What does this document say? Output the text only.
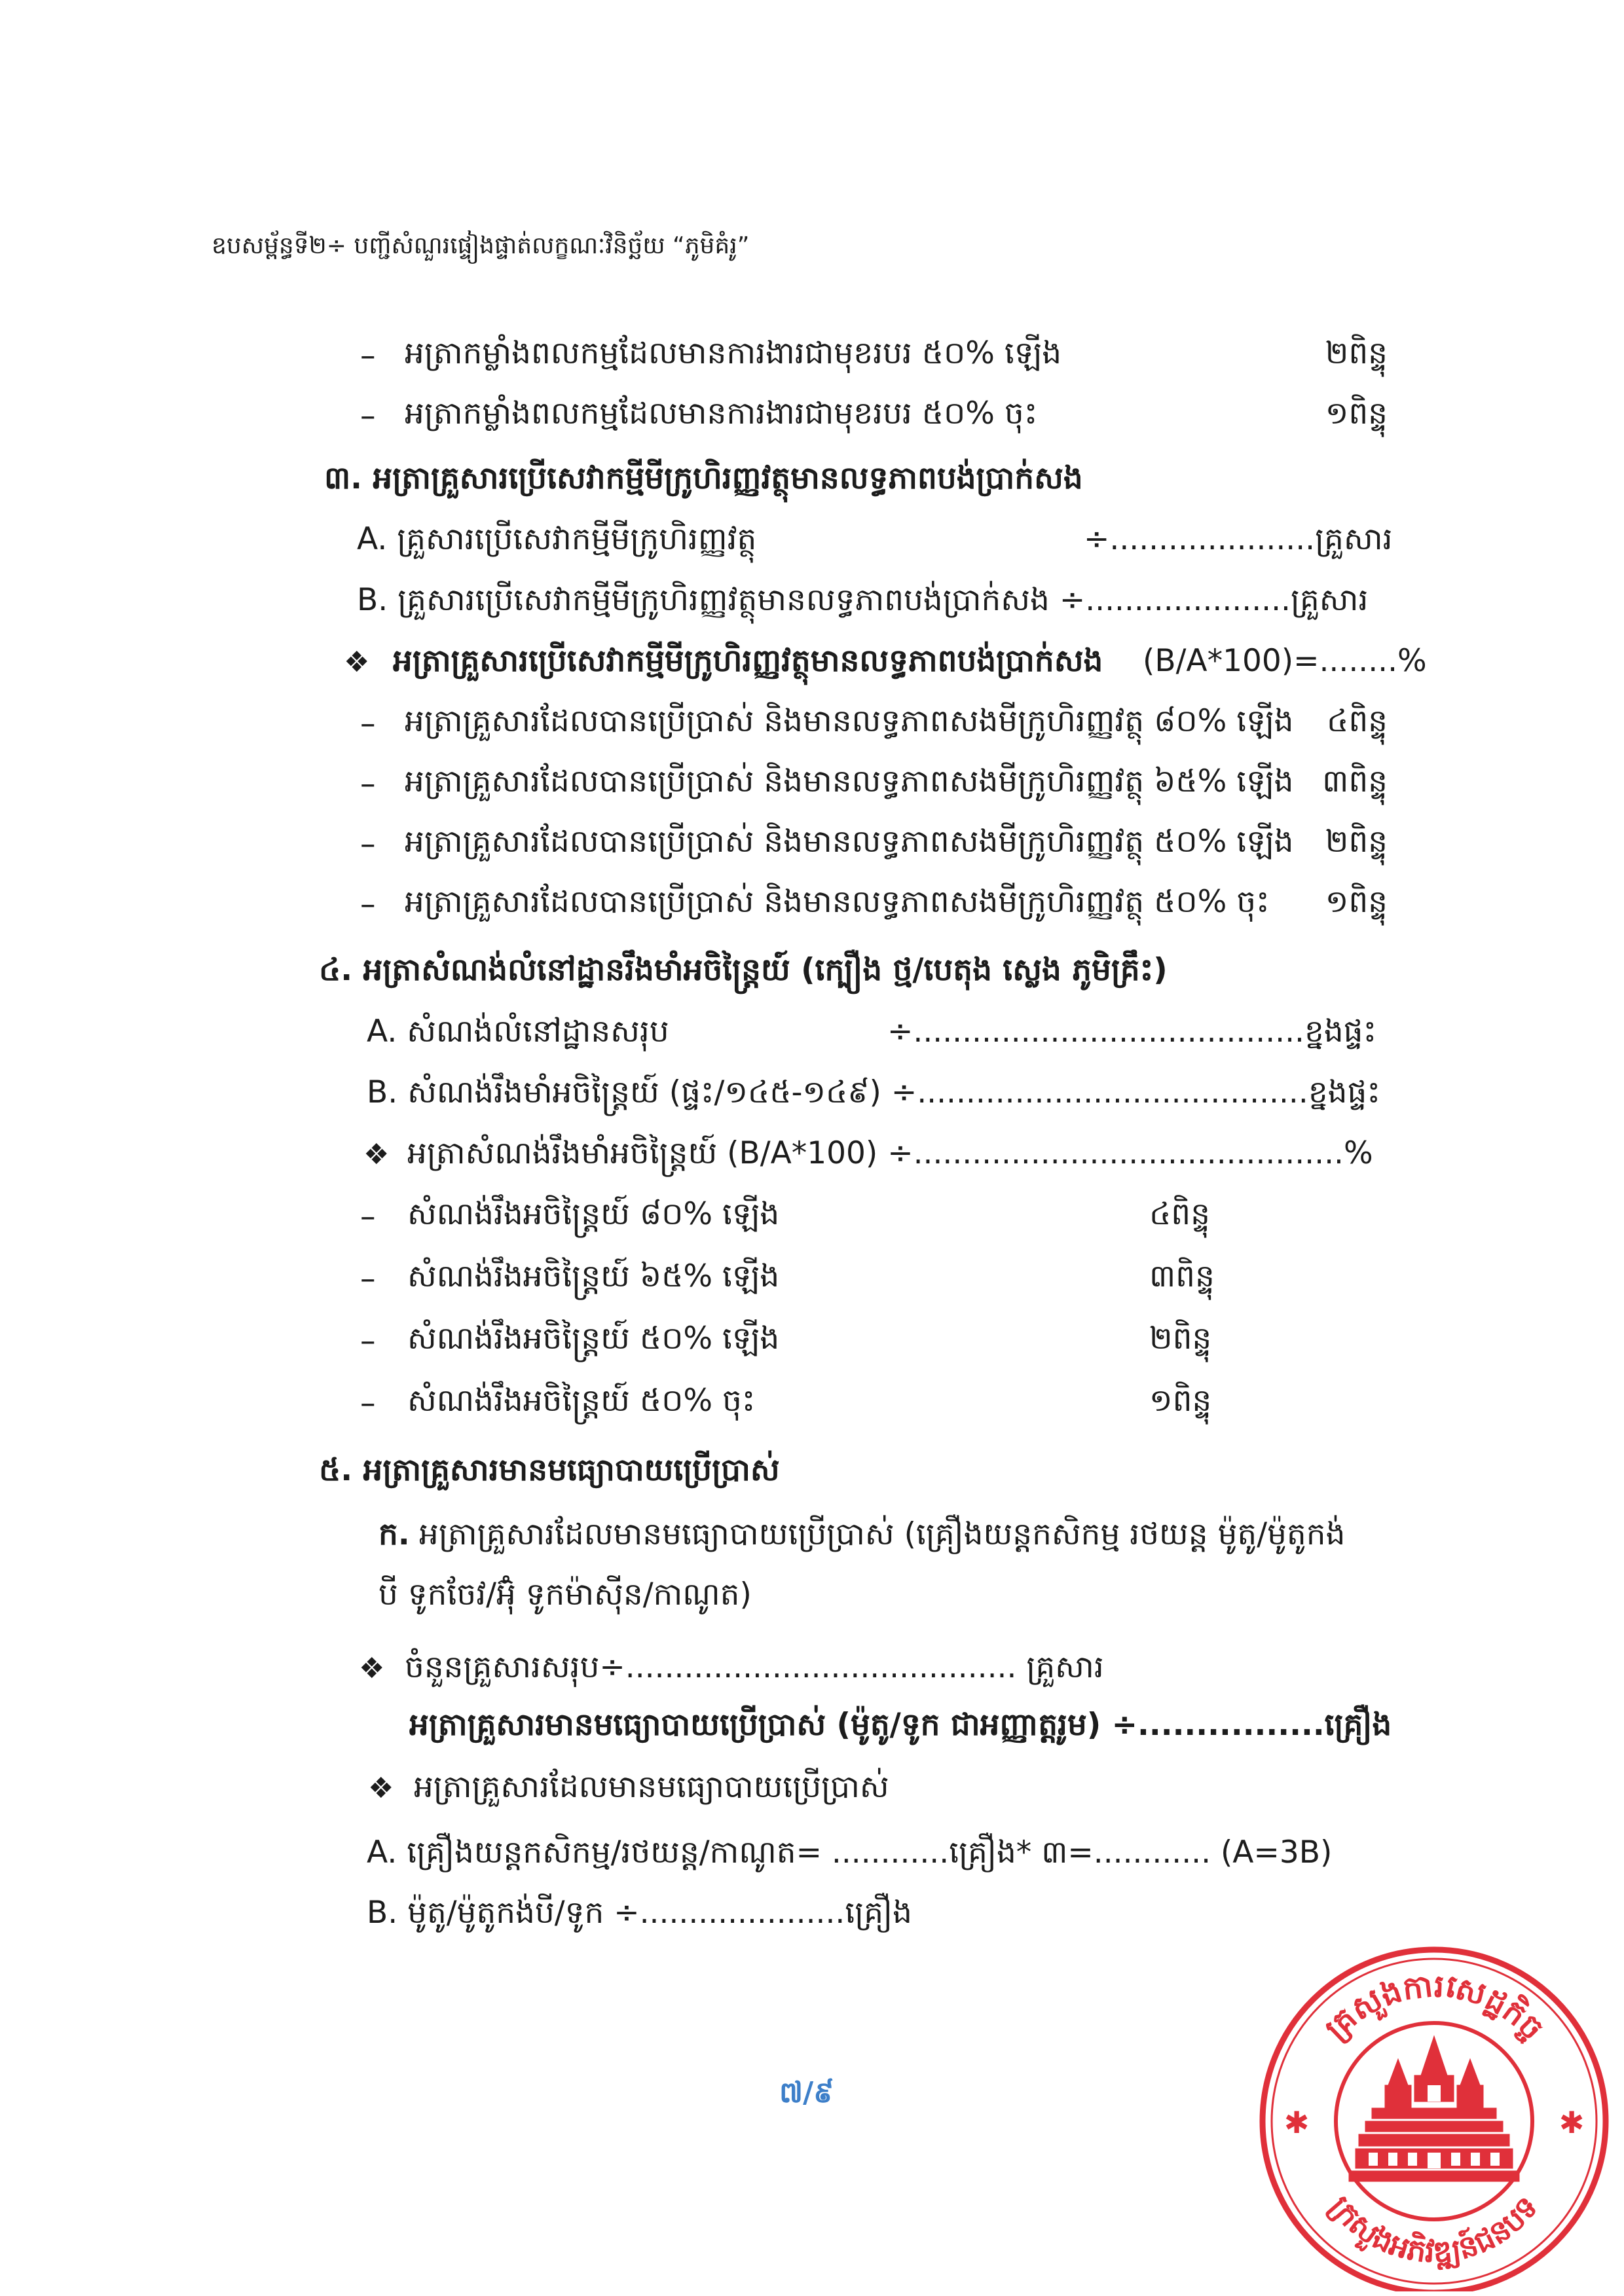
ឧបសម្ព័ន្ធទី២÷ បញ្ជីសំណួរផ្ទៀងផ្ទាត់លក្ខណៈវិនិច្ឆ័យ “ភូមិគំរូ”
– អត្រាកម្លាំងពលកម្មដែលមានការងារជាមុខរបរ ៥០% ឡើង	២ពិន្ទុ
– អត្រាកម្លាំងពលកម្មដែលមានការងារជាមុខរបរ ៥០% ចុះ	១ពិន្ទុ
៣. អត្រាគ្រួសារប្រើសេវាកម្មីមីក្រូហិរញ្ញវត្ថុមានលទ្ធភាពបង់ប្រាក់សង
A. គ្រួសារប្រើសេវាកម្មីមីក្រូហិរញ្ញវត្ថុ	÷.....................គ្រួសារ
B. គ្រួសារប្រើសេវាកម្មីមីក្រូហិរញ្ញវត្ថុមានលទ្ធភាពបង់ប្រាក់សង ÷.....................គ្រួសារ
❖ អត្រាគ្រួសារប្រើសេវាកម្មីមីក្រូហិរញ្ញវត្ថុមានលទ្ធភាពបង់ប្រាក់សង (B/A*100)=........%
– អត្រាគ្រួសារដែលបានប្រើប្រាស់ និងមានលទ្ធភាពសងមីក្រូហិរញ្ញវត្ថុ ៨០% ឡើង ៤ពិន្ទុ
– អត្រាគ្រួសារដែលបានប្រើប្រាស់ និងមានលទ្ធភាពសងមីក្រូហិរញ្ញវត្ថុ ៦៥% ឡើង ៣ពិន្ទុ
– អត្រាគ្រួសារដែលបានប្រើប្រាស់ និងមានលទ្ធភាពសងមីក្រូហិរញ្ញវត្ថុ ៥០% ឡើង ២ពិន្ទុ
– អត្រាគ្រួសារដែលបានប្រើប្រាស់ និងមានលទ្ធភាពសងមីក្រូហិរញ្ញវត្ថុ ៥០% ចុះ ១ពិន្ទុ
៤. អត្រាសំណង់លំនៅដ្ឋានរឹងមាំអចិន្ត្រៃយ៍ (ក្បឿង ថ្ម/បេតុង ស្លេង ភូមិគ្រឹះ)
A. សំណង់លំនៅដ្ឋានសរុប	÷........................................ខ្នងផ្ទះ
B. សំណង់រឹងមាំអចិន្ត្រៃយ៍ (ផ្ទះ/១៤៥-១៤៩) ÷........................................ខ្នងផ្ទះ
❖ អត្រាសំណង់រឹងមាំអចិន្ត្រៃយ៍ (B/A*100) ÷............................................%
– សំណង់រឹងអចិន្ត្រៃយ៍ ៨០% ឡើង	៤ពិន្ទុ
– សំណង់រឹងអចិន្ត្រៃយ៍ ៦៥% ឡើង	៣ពិន្ទុ
– សំណង់រឹងអចិន្ត្រៃយ៍ ៥០% ឡើង	២ពិន្ទុ
– សំណង់រឹងអចិន្ត្រៃយ៍ ៥០% ចុះ	១ពិន្ទុ
៥. អត្រាគ្រួសារមានមធ្យោបាយប្រើប្រាស់
ក. អត្រាគ្រួសារដែលមានមធ្យោបាយប្រើប្រាស់ (គ្រឿងយន្តកសិកម្ម រថយន្ត ម៉ូតូ/ម៉ូតូកង់
បី ទូកចែវ/អ៊ុំ ទូកម៉ាស៊ីន/កាណូត)
❖ ចំនួនគ្រួសារសរុប÷........................................ គ្រួសារ
អត្រាគ្រួសារមានមធ្យោបាយប្រើប្រាស់ (ម៉ូតូ/ទូក ជាអញ្ញាត្តរូម) ÷................គ្រឿង
❖ អត្រាគ្រួសារដែលមានមធ្យោបាយប្រើប្រាស់
A. គ្រឿងយន្តកសិកម្ម/រថយន្ត/កាណូត= ............គ្រឿង* ៣=............ (A=3B)
B. ម៉ូតូ/ម៉ូតូកង់បី/ទូក ÷.....................គ្រឿង
៧/៩
គ្រសួងការសេដ្ឋកិច្ច
ក្រសួងអភិវឌ្ឍន៍ជនបទ
✱	✱
